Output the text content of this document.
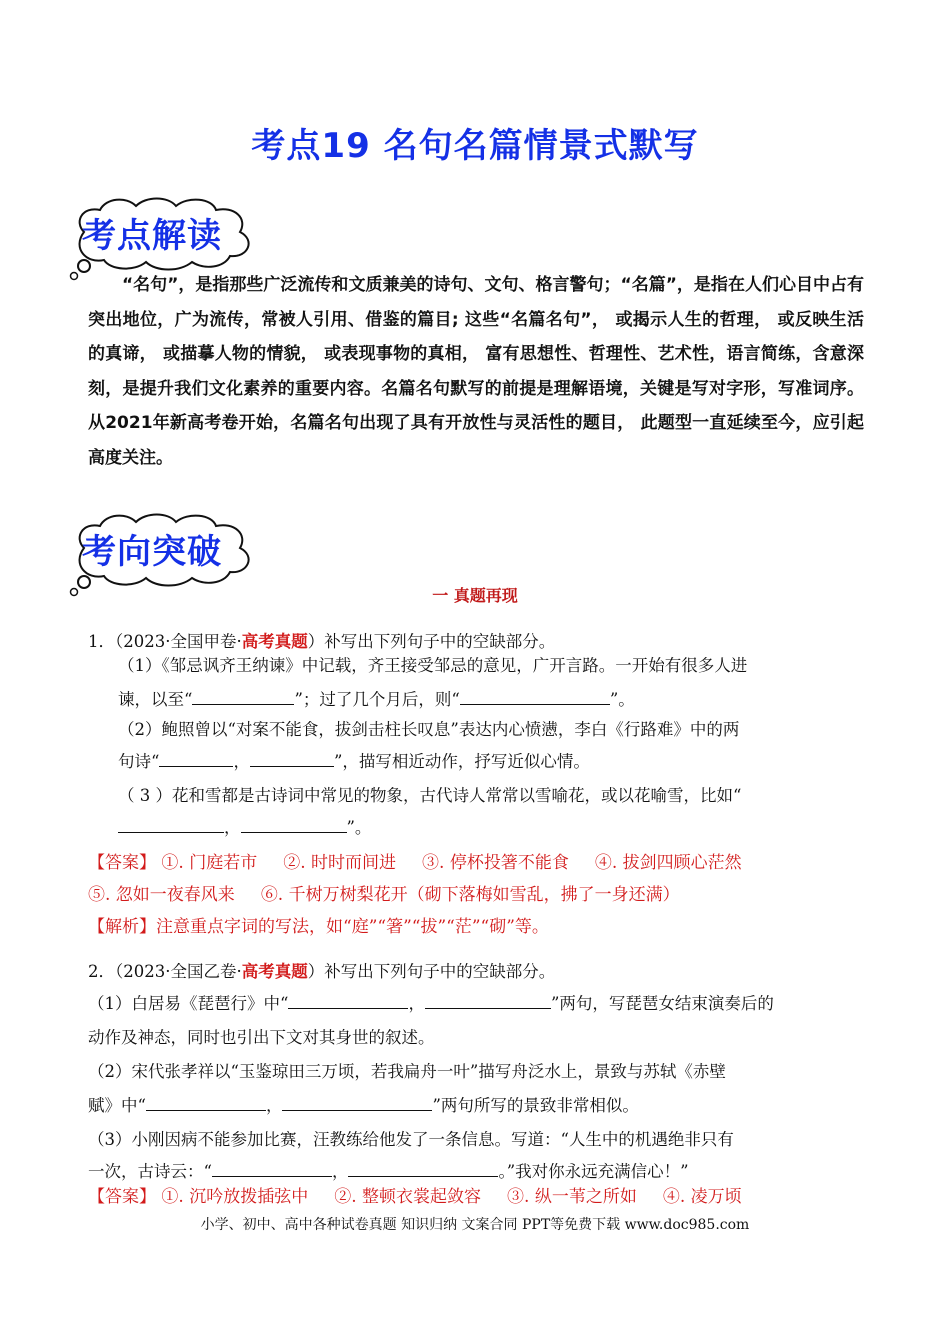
考点19 名句名篇情景式默写
考点解读

“名句”，是指那些广泛流传和文质兼美的诗句、文句、格言警句；“名篇”，是指在人们心目中占有突出地位，广为流传，常被人引用、借鉴的篇目; 这些“名篇名句”， 或揭示人生的哲理， 或反映生活的真谛， 或描摹人物的情貌， 或表现事物的真相， 富有思想性、哲理性、艺术性，语言简练，含意深刻，是提升我们文化素养的重要内容。名篇名句默写的前提是理解语境，关键是写对字形，写准词序。从2021年新高考卷开始，名篇名句出现了具有开放性与灵活性的题目， 此题型一直延续至今，应引起高度关注。

考向突破
一 真题再现
1．（2023·全国甲卷·高考真题）补写出下列句子中的空缺部分。
（1）《邹忌讽齐王纳谏》中记载，齐王接受邹忌的意见，广开言路。一开始有很多人进
谏，以至“	”；过了几个月后，则“	”。
（2）鲍照曾以“对案不能食，拔剑击柱长叹息”表达内心愤懑，李白《行路难》中的两
句诗“	，	”，描写相近动作，抒写近似心情。
（ 3 ）花和雪都是古诗词中常见的物象，古代诗人常常以雪喻花，或以花喻雪，比如“
，	”。
【答案】 ①. 门庭若市 ②. 时时而间进 ③. 停杯投箸不能食 ④. 拔剑四顾心茫然
⑤. 忽如一夜春风来 ⑥. 千树万树梨花开（砌下落梅如雪乱，拂了一身还满）
【解析】注意重点字词的写法，如“庭”“箸”“拔”“茫”“砌”等。
2．（2023·全国乙卷·高考真题）补写出下列句子中的空缺部分。
（1）白居易《琵琶行》中“	，	”两句，写琵琶女结束演奏后的
动作及神态，同时也引出下文对其身世的叙述。
（2）宋代张孝祥以“玉鉴琼田三万顷，若我扁舟一叶”描写舟泛水上，景致与苏轼《赤壁
赋》中“	，	”两句所写的景致非常相似。
（3）小刚因病不能参加比赛，汪教练给他发了一条信息。写道：“人生中的机遇绝非只有
一次，古诗云：“	，	。”我对你永远充满信心！”
【答案】 ①. 沉吟放拨插弦中 ②. 整顿衣裳起敛容 ③. 纵一苇之所如 ④. 凌万顷
小学、初中、高中各种试卷真题 知识归纳 文案合同 PPT等免费下载 www.doc985.com
